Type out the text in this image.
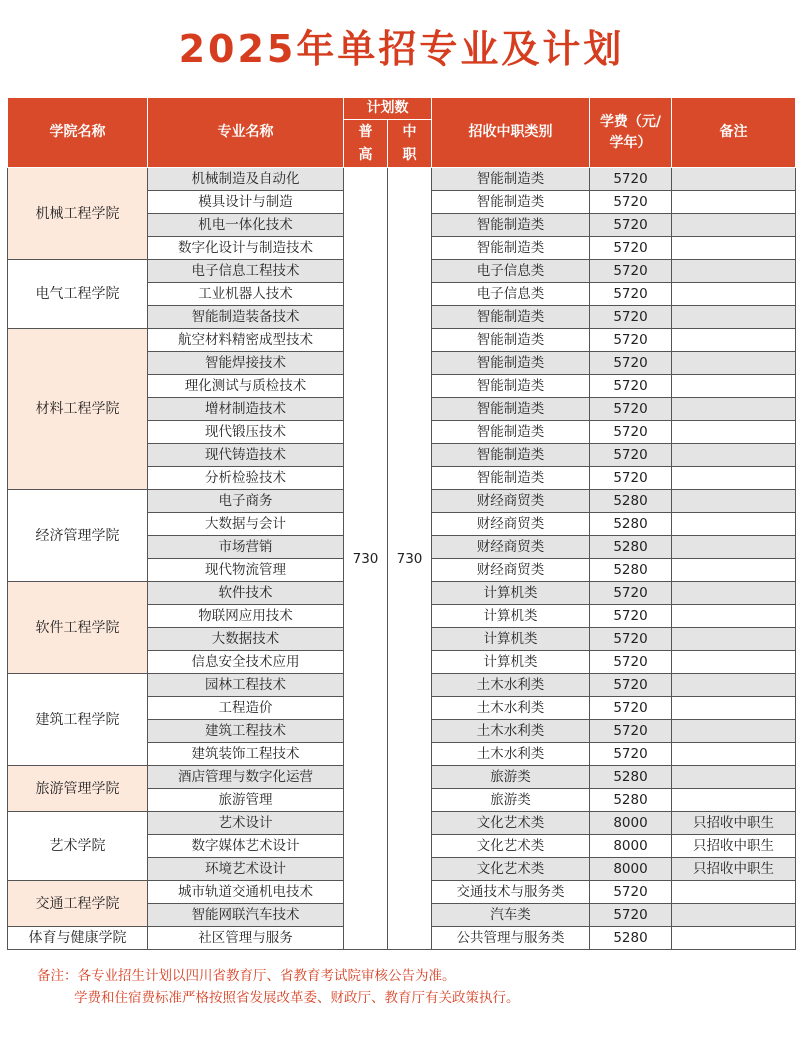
2025年单招专业及计划
学院名称	专业名称	计划数		招收中职类别	学费（元/学年）	备注
		普高	中职			
机械工程学院	机械制造及自动化	730	730	智能制造类	5720	
	模具设计与制造			智能制造类	5720	
	机电一体化技术			智能制造类	5720	
	数字化设计与制造技术			智能制造类	5720	
电气工程学院	电子信息工程技术			电子信息类	5720	
	工业机器人技术			电子信息类	5720	
	智能制造装备技术			智能制造类	5720	
材料工程学院	航空材料精密成型技术			智能制造类	5720	
	智能焊接技术			智能制造类	5720	
	理化测试与质检技术			智能制造类	5720	
	增材制造技术			智能制造类	5720	
	现代锻压技术			智能制造类	5720	
	现代铸造技术			智能制造类	5720	
	分析检验技术			智能制造类	5720	
经济管理学院	电子商务			财经商贸类	5280	
	大数据与会计			财经商贸类	5280	
	市场营销			财经商贸类	5280	
	现代物流管理			财经商贸类	5280	
软件工程学院	软件技术			计算机类	5720	
	物联网应用技术			计算机类	5720	
	大数据技术			计算机类	5720	
	信息安全技术应用			计算机类	5720	
建筑工程学院	园林工程技术			土木水利类	5720	
	工程造价			土木水利类	5720	
	建筑工程技术			土木水利类	5720	
	建筑装饰工程技术			土木水利类	5720	
旅游管理学院	酒店管理与数字化运营			旅游类	5280	
	旅游管理			旅游类	5280	
艺术学院	艺术设计			文化艺术类	8000	只招收中职生
	数字媒体艺术设计			文化艺术类	8000	只招收中职生
	环境艺术设计			文化艺术类	8000	只招收中职生
交通工程学院	城市轨道交通机电技术			交通技术与服务类	5720	
	智能网联汽车技术			汽车类	5720	
体育与健康学院	社区管理与服务			公共管理与服务类	5280	
备注：各专业招生计划以四川省教育厅、省教育考试院审核公告为准。
学费和住宿费标准严格按照省发展改革委、财政厅、教育厅有关政策执行。
